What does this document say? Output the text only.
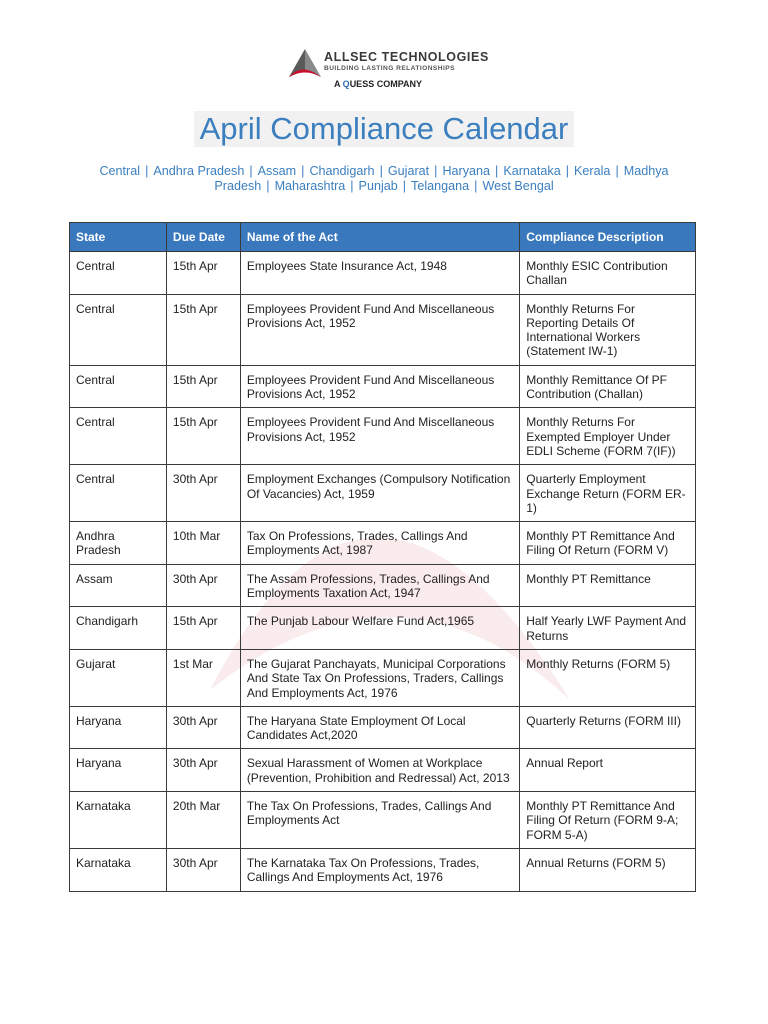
ALLSEC TECHNOLOGIES
BUILDING LASTING RELATIONSHIPS
A QUESS COMPANY
April Compliance Calendar
Central | Andhra Pradesh | Assam | Chandigarh | Gujarat | Haryana | Karnataka | Kerala | Madhya
Pradesh | Maharashtra | Punjab | Telangana | West Bengal
State	Due Date	Name of the Act	Compliance Description
Central	15th Apr	Employees State Insurance Act, 1948	Monthly ESIC Contribution Challan
Central	15th Apr	Employees Provident Fund And Miscellaneous Provisions Act, 1952	Monthly Returns For Reporting Details Of International Workers (Statement IW-1)
Central	15th Apr	Employees Provident Fund And Miscellaneous Provisions Act, 1952	Monthly Remittance Of PF Contribution (Challan)
Central	15th Apr	Employees Provident Fund And Miscellaneous Provisions Act, 1952	Monthly Returns For Exempted Employer Under EDLI Scheme (FORM 7(IF))
Central	30th Apr	Employment Exchanges (Compulsory Notification Of Vacancies) Act, 1959	Quarterly Employment Exchange Return (FORM ER-1)
Andhra Pradesh	10th Mar	Tax On Professions, Trades, Callings And Employments Act, 1987	Monthly PT Remittance And Filing Of Return (FORM V)
Assam	30th Apr	The Assam Professions, Trades, Callings And Employments Taxation Act, 1947	Monthly PT Remittance
Chandigarh	15th Apr	The Punjab Labour Welfare Fund Act,1965	Half Yearly LWF Payment And Returns
Gujarat	1st Mar	The Gujarat Panchayats, Municipal Corporations And State Tax On Professions, Traders, Callings And Employments Act, 1976	Monthly Returns (FORM 5)
Haryana	30th Apr	The Haryana State Employment Of Local Candidates Act,2020	Quarterly Returns (FORM III)
Haryana	30th Apr	Sexual Harassment of Women at Workplace (Prevention, Prohibition and Redressal) Act, 2013	Annual Report
Karnataka	20th Mar	The Tax On Professions, Trades, Callings And Employments Act	Monthly PT Remittance And Filing Of Return (FORM 9-A; FORM 5-A)
Karnataka	30th Apr	The Karnataka Tax On Professions, Trades, Callings And Employments Act, 1976	Annual Returns (FORM 5)
